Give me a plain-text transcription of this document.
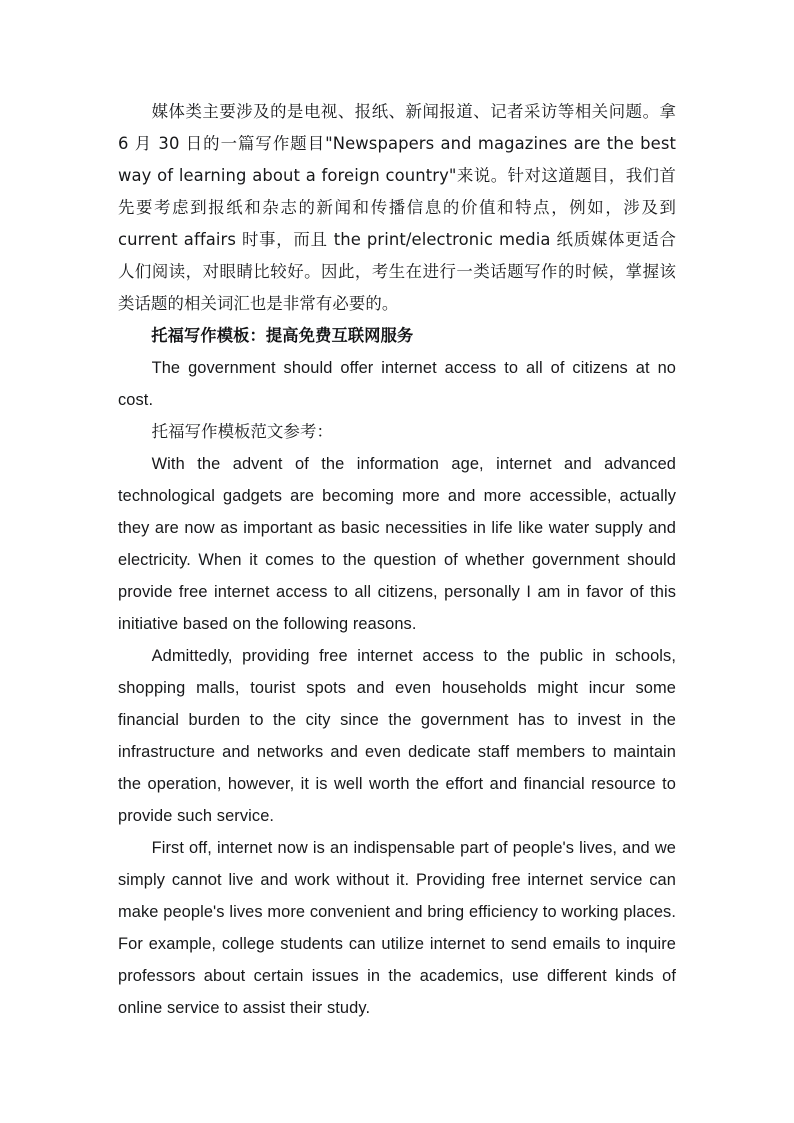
媒体类主要涉及的是电视、报纸、新闻报道、记者采访等相关问题。拿 6 月 30 日的一篇写作题目"Newspapers and magazines are the best way of learning about a foreign country"来说。针对这道题目，我们首先要考虑到报纸和杂志的新闻和传播信息的价值和特点，例如，涉及到 current affairs 时事，而且 the print/electronic media 纸质媒体更适合人们阅读，对眼睛比较好。因此，考生在进行一类话题写作的时候，掌握该类话题的相关词汇也是非常有必要的。

托福写作模板：提高免费互联网服务

The government should offer internet access to all of citizens at no cost.

托福写作模板范文参考：

With the advent of the information age, internet and advanced technological gadgets are becoming more and more accessible, actually they are now as important as basic necessities in life like water supply and electricity. When it comes to the question of whether government should provide free internet access to all citizens, personally I am in favor of this initiative based on the following reasons.

Admittedly, providing free internet access to the public in schools, shopping malls, tourist spots and even households might incur some financial burden to the city since the government has to invest in the infrastructure and networks and even dedicate staff members to maintain the operation, however, it is well worth the effort and financial resource to provide such service.

First off, internet now is an indispensable part of people's lives, and we simply cannot live and work without it. Providing free internet service can make people's lives more convenient and bring efficiency to working places. For example, college students can utilize internet to send emails to inquire professors about certain issues in the academics, use different kinds of online service to assist their study.
